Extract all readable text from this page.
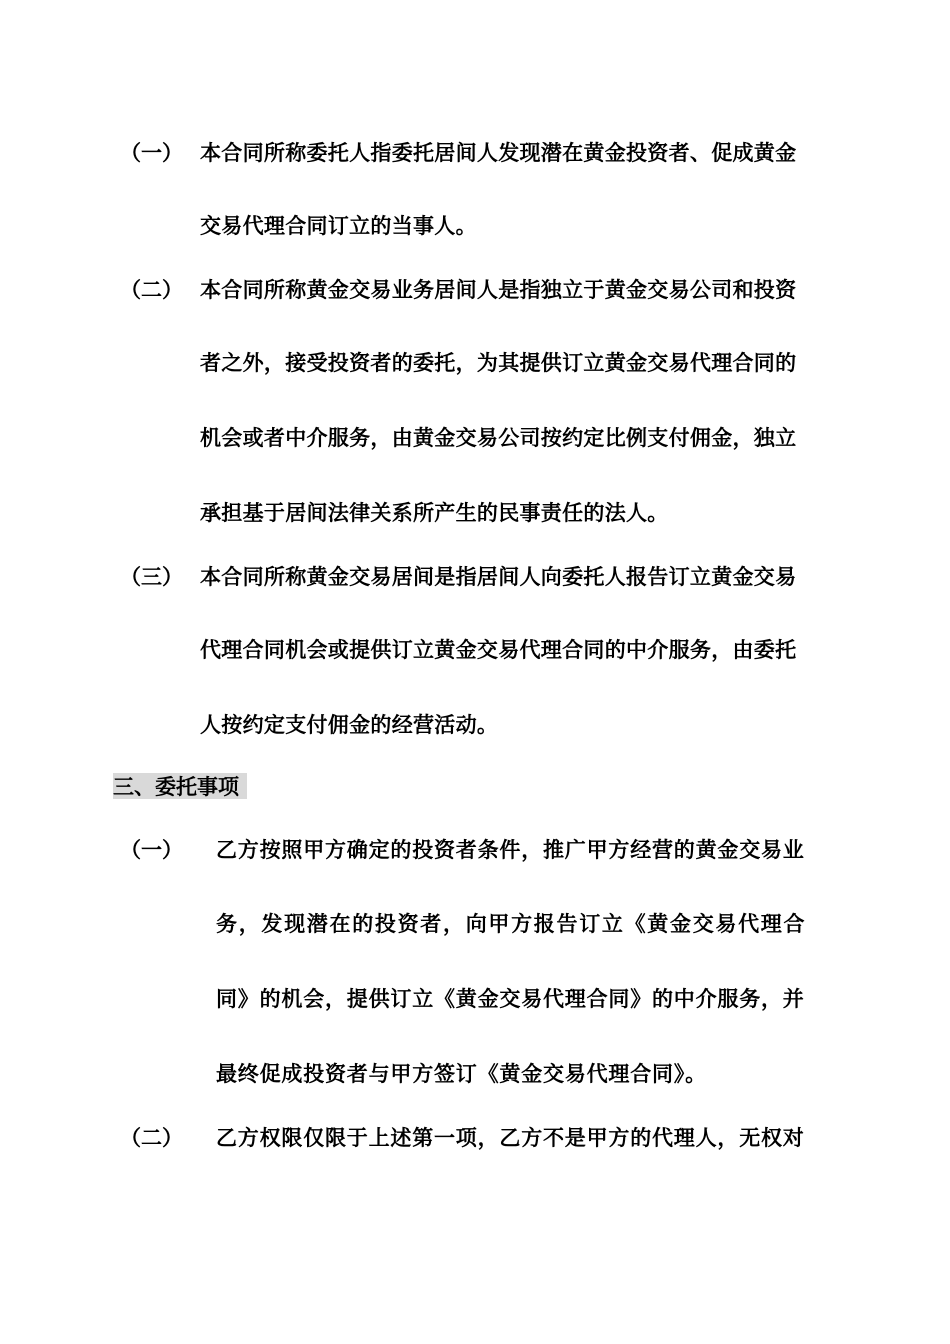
（一） 本合同所称委托人指委托居间人发现潜在黄金投资者、促成黄金
交易代理合同订立的当事人。
（二） 本合同所称黄金交易业务居间人是指独立于黄金交易公司和投资
者之外，接受投资者的委托，为其提供订立黄金交易代理合同的
机会或者中介服务，由黄金交易公司按约定比例支付佣金，独立
承担基于居间法律关系所产生的民事责任的法人。
（三） 本合同所称黄金交易居间是指居间人向委托人报告订立黄金交易
代理合同机会或提供订立黄金交易代理合同的中介服务，由委托
人按约定支付佣金的经营活动。
三、委托事项
（一） 乙方按照甲方确定的投资者条件，推广甲方经营的黄金交易业
务，发现潜在的投资者，向甲方报告订立《黄金交易代理合
同》的机会，提供订立《黄金交易代理合同》的中介服务，并
最终促成投资者与甲方签订《黄金交易代理合同》。
（二） 乙方权限仅限于上述第一项，乙方不是甲方的代理人，无权对
